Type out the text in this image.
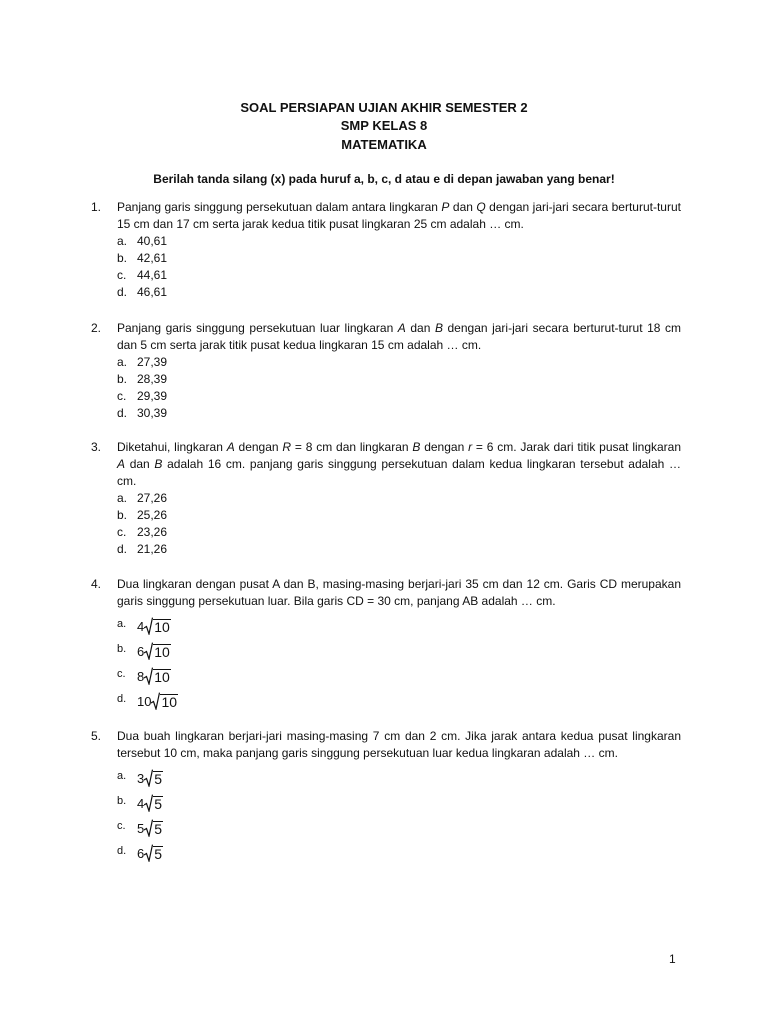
SOAL PERSIAPAN UJIAN AKHIR SEMESTER 2
SMP KELAS 8
MATEMATIKA
Berilah tanda silang (x) pada huruf a, b, c, d atau e di depan jawaban yang benar!
1. Panjang garis singgung persekutuan dalam antara lingkaran P dan Q dengan jari-jari secara berturut-turut 15 cm dan 17 cm serta jarak kedua titik pusat lingkaran 25 cm adalah … cm.
a. 40,61
b. 42,61
c. 44,61
d. 46,61
2. Panjang garis singgung persekutuan luar lingkaran A dan B dengan jari-jari secara berturut-turut 18 cm dan 5 cm serta jarak titik pusat kedua lingkaran 15 cm adalah … cm.
a. 27,39
b. 28,39
c. 29,39
d. 30,39
3. Diketahui, lingkaran A dengan R = 8 cm dan lingkaran B dengan r = 6 cm. Jarak dari titik pusat lingkaran A dan B adalah 16 cm. panjang garis singgung persekutuan dalam kedua lingkaran tersebut adalah … cm.
a. 27,26
b. 25,26
c. 23,26
d. 21,26
4. Dua lingkaran dengan pusat A dan B, masing-masing berjari-jari 35 cm dan 12 cm. Garis CD merupakan garis singgung persekutuan luar. Bila garis CD = 30 cm, panjang AB adalah … cm.
a. 4 10
b. 6 10
c. 8 10
d. 10 10
5. Dua buah lingkaran berjari-jari masing-masing 7 cm dan 2 cm. Jika jarak antara kedua pusat lingkaran tersebut 10 cm, maka panjang garis singgung persekutuan luar kedua lingkaran adalah … cm.
a. 3 5
b. 4 5
c. 5 5
d. 6 5
1
